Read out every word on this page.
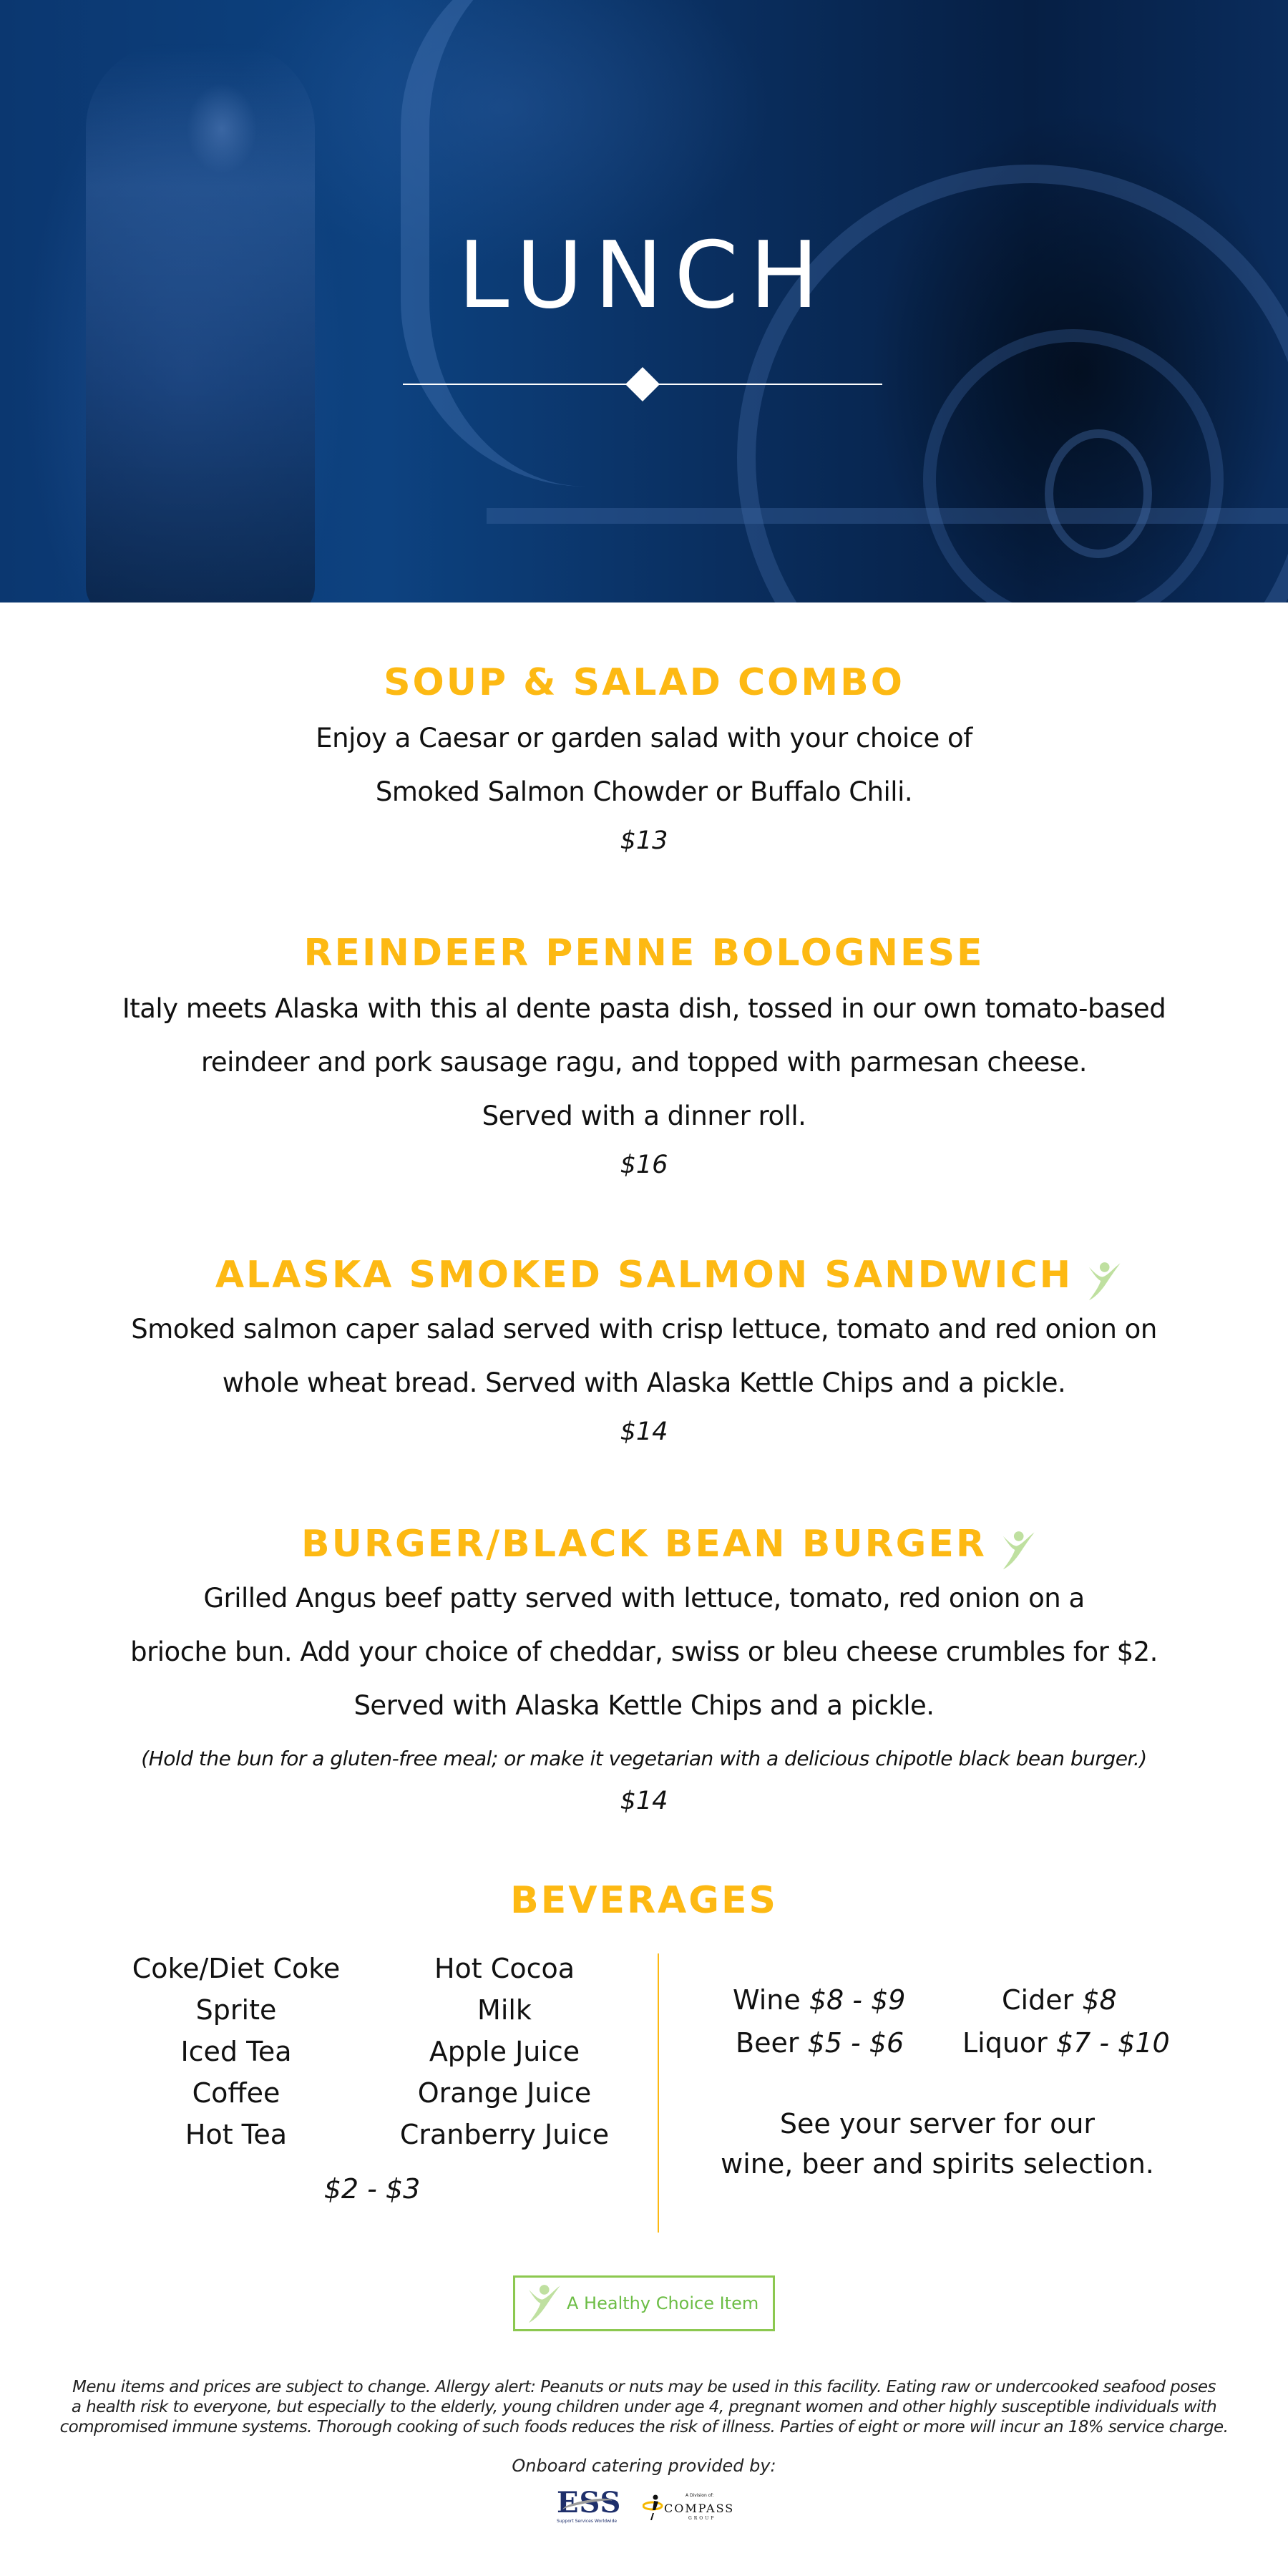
LUNCH
SOUP & SALAD COMBO
Enjoy a Caesar or garden salad with your choice of
Smoked Salmon Chowder or Buffalo Chili.
$13
REINDEER PENNE BOLOGNESE
Italy meets Alaska with this al dente pasta dish, tossed in our own tomato-based
reindeer and pork sausage ragu, and topped with parmesan cheese.
Served with a dinner roll.
$16
ALASKA SMOKED SALMON SANDWICH
Smoked salmon caper salad served with crisp lettuce, tomato and red onion on
whole wheat bread. Served with Alaska Kettle Chips and a pickle.
$14
BURGER/BLACK BEAN BURGER
Grilled Angus beef patty served with lettuce, tomato, red onion on a
brioche bun. Add your choice of cheddar, swiss or bleu cheese crumbles for $2.
Served with Alaska Kettle Chips and a pickle.
(Hold the bun for a gluten-free meal; or make it vegetarian with a delicious chipotle black bean burger.)
$14
BEVERAGES
Coke/Diet Coke
Sprite
Iced Tea
Coffee
Hot Tea
Hot Cocoa
Milk
Apple Juice
Orange Juice
Cranberry Juice
$2 - $3
Wine $8 - $9	Cider $8
Beer $5 - $6 Liquor $7 - $10
See your server for our
wine, beer and spirits selection.
A Healthy Choice Item
Menu items and prices are subject to change. Allergy alert: Peanuts or nuts may be used in this facility. Eating raw or undercooked seafood poses
a health risk to everyone, but especially to the elderly, young children under age 4, pregnant women and other highly susceptible individuals with
compromised immune systems. Thorough cooking of such foods reduces the risk of illness. Parties of eight or more will incur an 18% service charge.
Onboard catering provided by:
ESS
Support Services Worldwide
A Division of:
COMPASS
GROUP
